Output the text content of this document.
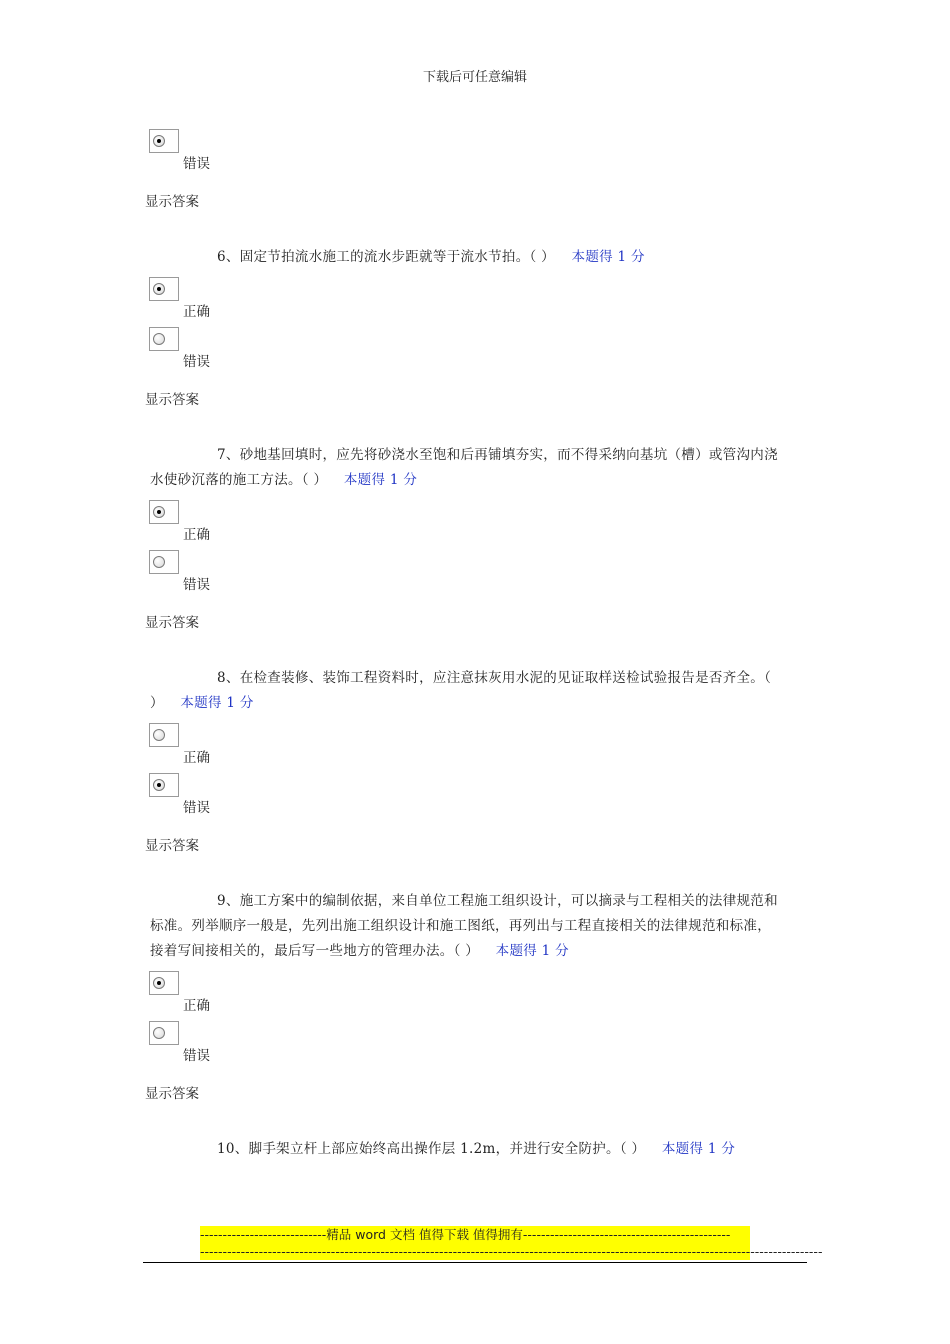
下载后可任意编辑
错误
显示答案
6、固定节拍流水施工的流水步距就等于流水节拍。（ ） 本题得 1 分
正确
错误
显示答案
7、砂地基回填时，应先将砂浇水至饱和后再铺填夯实，而不得采纳向基坑（槽）或管沟内浇
水使砂沉落的施工方法。（ ） 本题得 1 分
正确
错误
显示答案
8、在检查装修、装饰工程资料时，应注意抹灰用水泥的见证取样送检试验报告是否齐全。（
） 本题得 1 分
正确
错误
显示答案
9、施工方案中的编制依据，来自单位工程施工组织设计，可以摘录与工程相关的法律规范和
标准。列举顺序一般是，先列出施工组织设计和施工图纸，再列出与工程直接相关的法律规范和标准，
接着写间接相关的，最后写一些地方的管理办法。（ ） 本题得 1 分
正确
错误
显示答案
10、脚手架立杆上部应始终高出操作层 1.2m，并进行安全防护。（ ） 本题得 1 分
----------------------------精品 word 文档 值得下载 值得拥有----------------------------------------------
------------------------------------------------------------------------------------------------------------------------------------------
